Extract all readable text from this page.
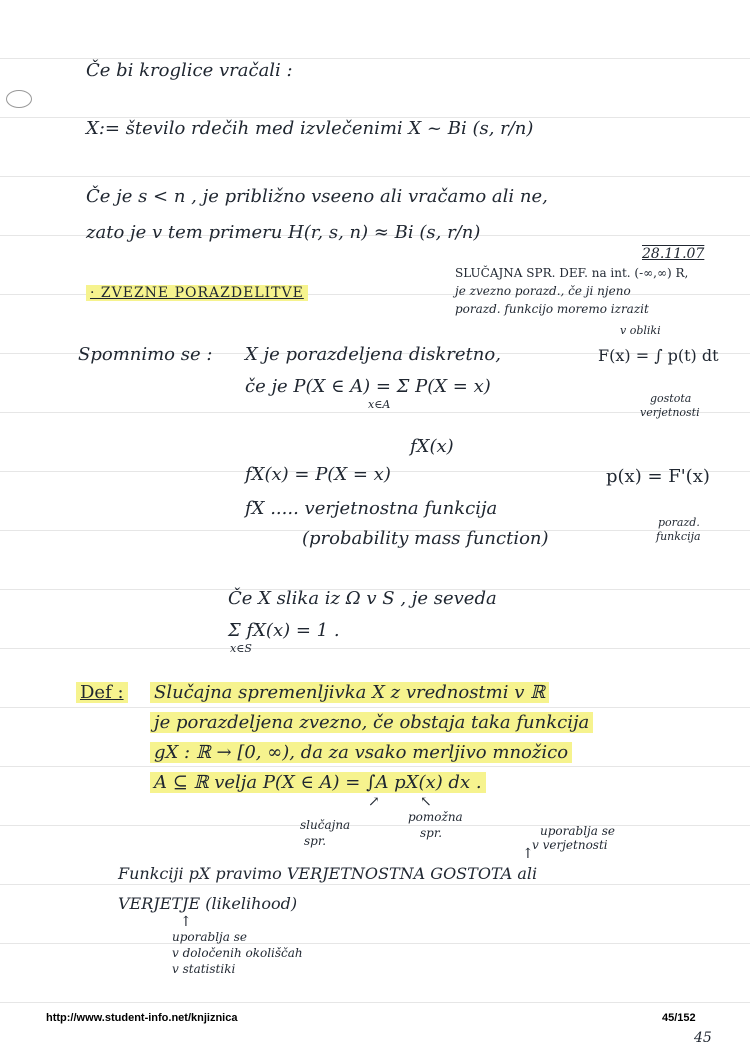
Če bi kroglice vračali :
X:= število rdečih med izvlečenimi X ~ Bi (s, r/n)
Če je s < n , je približno vseeno ali vračamo ali ne,
zato je v tem primeru H(r, s, n) ≈ Bi (s, r/n)
· ZVEZNE PORAZDELITVE
Spomnimo se : X je porazdeljena diskretno,
če je P(X ∈ A) = Σ P(X = x)
x∈A
fX(x)
fX(x) = P(X = x)
fX ..... verjetnostna funkcija
(probability mass function)
Če X slika iz Ω v S , je seveda
Σ fX(x) = 1 .
x∈S
Def : Slučajna spremenljivka X z vrednostmi v ℝ
je porazdeljena zvezno, če obstaja taka funkcija
gX : ℝ → [0, ∞), da za vsako merljivo množico
A ⊆ ℝ velja P(X ∈ A) = ∫A pX(x) dx .
↗	↖
slučajna
spr.
pomožna
spr.	uporablja se
v verjetnosti
↑
Funkciji pX pravimo VERJETNOSTNA GOSTOTA ali
VERJETJE (likelihood)
↑
uporablja se
v določenih okoliščah
v statistiki
28.11.07
SLUČAJNA SPR. DEF. na int. (-∞,∞) R,
je zvezno porazd., če ji njeno
porazd. funkcijo moremo izrazit
v obliki
F(x) = ∫ p(t) dt
gostota
verjetnosti
p(x) = F'(x)
porazd.
funkcija
http://www.student-info.net/knjiznica	45/152
45
